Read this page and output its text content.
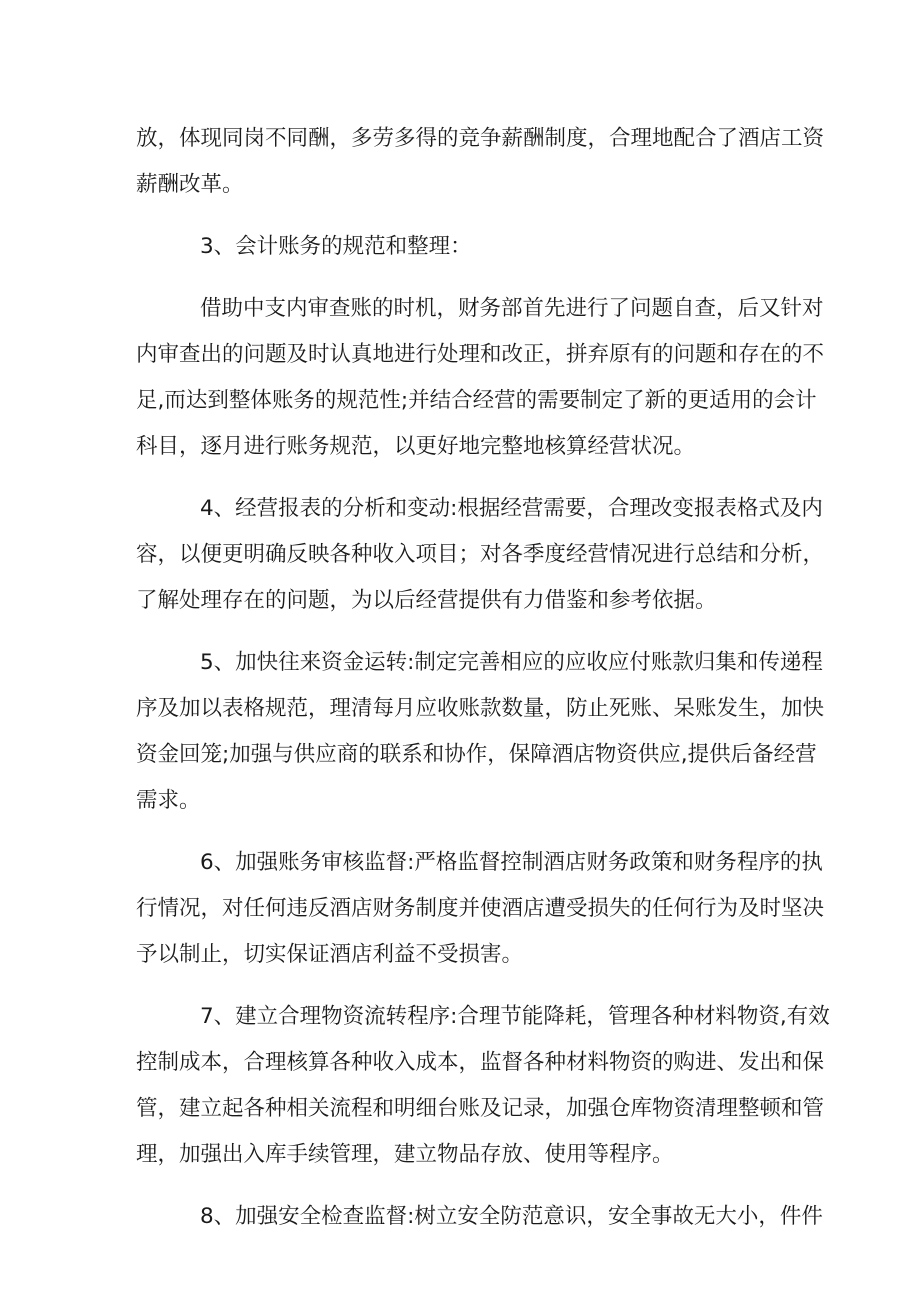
放，体现同岗不同酬，多劳多得的竞争薪酬制度，合理地配合了酒店工资
薪酬改革。

3、会计账务的规范和整理：

借助中支内审查账的时机，财务部首先进行了问题自查，后又针对
内审查出的问题及时认真地进行处理和改正，拼弃原有的问题和存在的不
足,而达到整体账务的规范性;并结合经营的需要制定了新的更适用的会计
科目，逐月进行账务规范，以更好地完整地核算经营状况。

4、经营报表的分析和变动:根据经营需要，合理改变报表格式及内
容，以便更明确反映各种收入项目；对各季度经营情况进行总结和分析，
了解处理存在的问题，为以后经营提供有力借鉴和参考依据。

5、加快往来资金运转:制定完善相应的应收应付账款归集和传递程
序及加以表格规范，理清每月应收账款数量，防止死账、呆账发生，加快
资金回笼;加强与供应商的联系和协作，保障酒店物资供应,提供后备经营
需求。

6、加强账务审核监督:严格监督控制酒店财务政策和财务程序的执
行情况，对任何违反酒店财务制度并使酒店遭受损失的任何行为及时坚决
予以制止，切实保证酒店利益不受损害。

7、建立合理物资流转程序:合理节能降耗，管理各种材料物资,有效
控制成本，合理核算各种收入成本，监督各种材料物资的购进、发出和保
管，建立起各种相关流程和明细台账及记录，加强仓库物资清理整顿和管
理，加强出入库手续管理，建立物品存放、使用等程序。

8、加强安全检查监督:树立安全防范意识，安全事故无大小，件件
